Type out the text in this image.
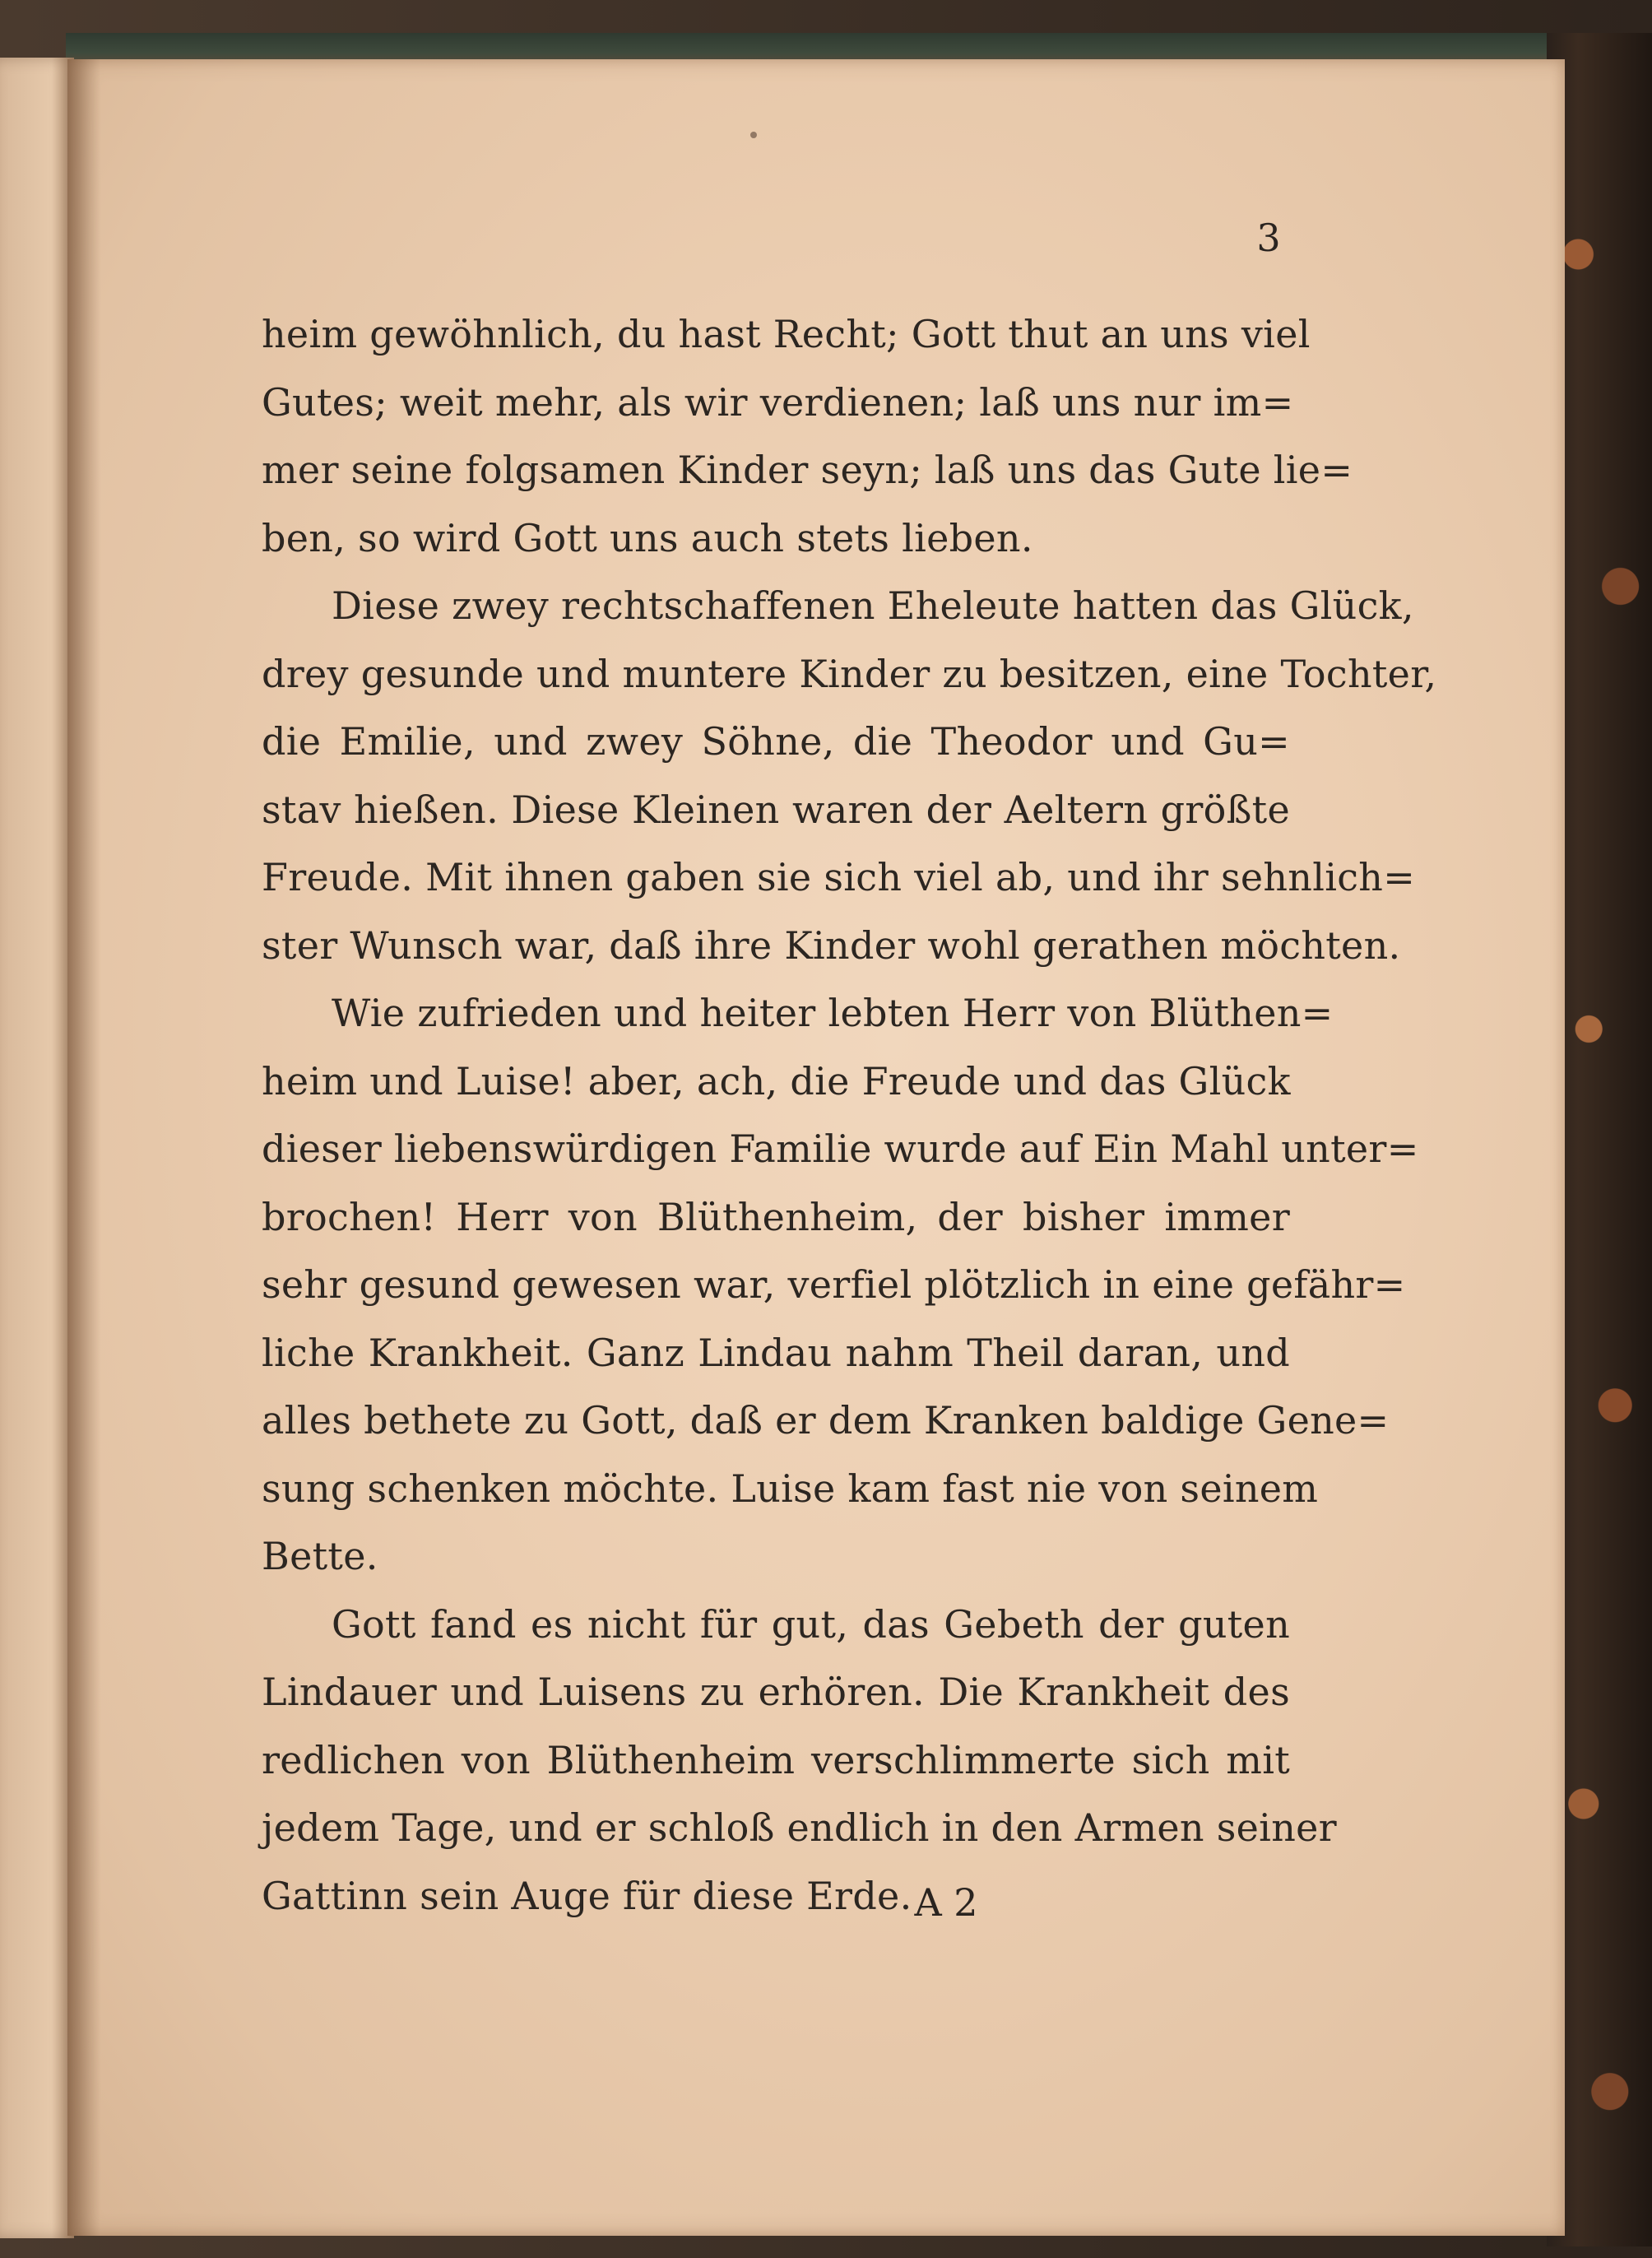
3
heim gewöhnlich, du hast Recht; Gott thut an uns viel
Gutes; weit mehr, als wir verdienen; laß uns nur im=
mer seine folgsamen Kinder seyn; laß uns das Gute lie=
ben, so wird Gott uns auch stets lieben.
Diese zwey rechtschaffenen Eheleute hatten das Glück,
drey gesunde und muntere Kinder zu besitzen, eine Tochter,
die Emilie, und zwey Söhne, die Theodor und Gu=
stav hießen. Diese Kleinen waren der Aeltern größte
Freude. Mit ihnen gaben sie sich viel ab, und ihr sehnlich=
ster Wunsch war, daß ihre Kinder wohl gerathen möchten.
Wie zufrieden und heiter lebten Herr von Blüthen=
heim und Luise! aber, ach, die Freude und das Glück
dieser liebenswürdigen Familie wurde auf Ein Mahl unter=
brochen! Herr von Blüthenheim, der bisher immer
sehr gesund gewesen war, verfiel plötzlich in eine gefähr=
liche Krankheit. Ganz Lindau nahm Theil daran, und
alles bethete zu Gott, daß er dem Kranken baldige Gene=
sung schenken möchte. Luise kam fast nie von seinem
Bette.
Gott fand es nicht für gut, das Gebeth der guten
Lindauer und Luisens zu erhören. Die Krankheit des
redlichen von Blüthenheim verschlimmerte sich mit
jedem Tage, und er schloß endlich in den Armen seiner
Gattinn sein Auge für diese Erde. A 2
